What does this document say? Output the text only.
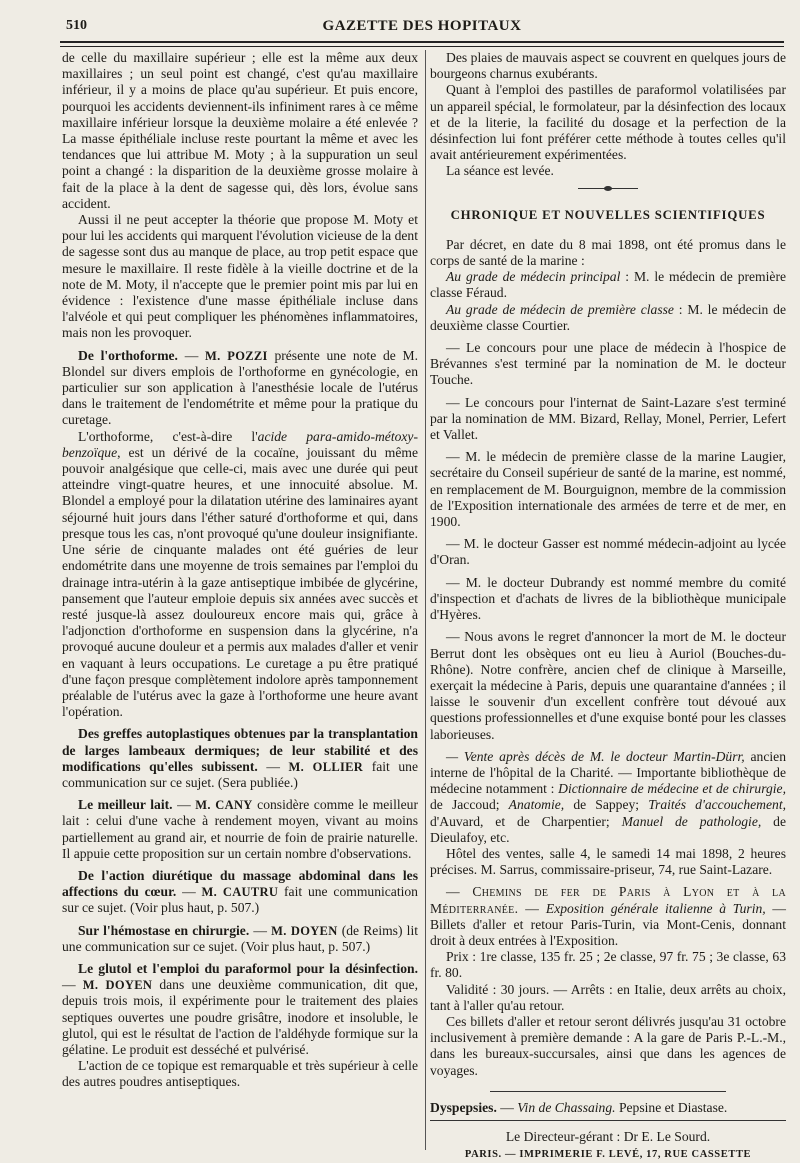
510	GAZETTE DES HOPITAUX

de celle du maxillaire supérieur ; elle est la même aux deux maxillaires ; un seul point est changé, c'est qu'au maxillaire inférieur, il y a moins de place qu'au supérieur. Et puis encore, pourquoi les accidents deviennent-ils infiniment rares à ce même maxillaire inférieur lorsque la deuxième molaire a été enlevée ? La masse épithéliale incluse reste pourtant la même et avec les tendances que lui attribue M. Moty ; à la suppuration un seul point a changé : la disparition de la deuxième grosse molaire à fait de la place à la dent de sagesse qui, dès lors, évolue sans accident.

Aussi il ne peut accepter la théorie que propose M. Moty et pour lui les accidents qui marquent l'évolution vicieuse de la dent de sagesse sont dus au manque de place, au trop petit espace que mesure le maxillaire. Il reste fidèle à la vieille doctrine et de la note de M. Moty, il n'accepte que le premier point mis par lui en évidence : l'existence d'une masse épithéliale incluse dans l'alvéole et qui peut compliquer les phénomènes inflammatoires, mais non les provoquer.

De l'orthoforme. — M. POZZI présente une note de M. Blondel sur divers emplois de l'orthoforme en gynécologie, en particulier sur son application à l'anesthésie locale de l'utérus dans le traitement de l'endométrite et même pour la pratique du curetage.

L'orthoforme, c'est-à-dire l'acide para-amido-métoxy-benzoïque, est un dérivé de la cocaïne, jouissant du même pouvoir analgésique que celle-ci, mais avec une durée qui peut atteindre vingt-quatre heures, et une innocuité absolue. M. Blondel a employé pour la dilatation utérine des laminaires ayant séjourné huit jours dans l'éther saturé d'orthoforme et qui, dans presque tous les cas, n'ont provoqué qu'une douleur insignifiante. Une série de cinquante malades ont été guéries de leur endométrite dans une moyenne de trois semaines par l'emploi du drainage intra-utérin à la gaze antiseptique imbibée de glycérine, pansement que l'auteur emploie depuis six années avec succès et resté jusque-là assez douloureux encore mais qui, grâce à l'adjonction d'orthoforme en suspension dans la glycérine, n'a provoqué aucune douleur et a permis aux malades d'aller et venir en vaquant à leurs occupations. Le curetage a pu être pratiqué d'une façon presque complètement indolore après tamponnement préalable de l'utérus avec la gaze à l'orthoforme une heure avant l'opération.

Des greffes autoplastiques obtenues par la transplantation de larges lambeaux dermiques; de leur stabilité et des modifications qu'elles subissent. — M. OLLIER fait une communication sur ce sujet. (Sera publiée.)

Le meilleur lait. — M. CANY considère comme le meilleur lait : celui d'une vache à rendement moyen, vivant au moins partiellement au grand air, et nourrie de foin de prairie naturelle. Il appuie cette proposition sur un certain nombre d'observations.

De l'action diurétique du massage abdominal dans les affections du cœur. — M. CAUTRU fait une communication sur ce sujet. (Voir plus haut, p. 507.)

Sur l'hémostase en chirurgie. — M. DOYEN (de Reims) lit une communication sur ce sujet. (Voir plus haut, p. 507.)

Le glutol et l'emploi du paraformol pour la désinfection. — M. DOYEN dans une deuxième communication, dit que, depuis trois mois, il expérimente pour le traitement des plaies septiques ouvertes une poudre grisâtre, inodore et insoluble, le glutol, qui est le résultat de l'action de l'aldéhyde formique sur la gélatine. Le produit est desséché et pulvérisé.

L'action de ce topique est remarquable et très supérieur à celle des autres poudres antiseptiques.

Des plaies de mauvais aspect se couvrent en quelques jours de bourgeons charnus exubérants.

Quant à l'emploi des pastilles de paraformol volatilisées par un appareil spécial, le formolateur, par la désinfection des locaux et de la literie, la facilité du dosage et la perfection de la désinfection lui font préférer cette méthode à toutes celles qu'il avait antérieurement expérimentées.

La séance est levée.

CHRONIQUE ET NOUVELLES SCIENTIFIQUES

Par décret, en date du 8 mai 1898, ont été promus dans le corps de santé de la marine :

Au grade de médecin principal : M. le médecin de première classe Féraud.

Au grade de médecin de première classe : M. le médecin de deuxième classe Courtier.

— Le concours pour une place de médecin à l'hospice de Brévannes s'est terminé par la nomination de M. le docteur Touche.

— Le concours pour l'internat de Saint-Lazare s'est terminé par la nomination de MM. Bizard, Rellay, Monel, Perrier, Lefert et Vallet.

— M. le médecin de première classe de la marine Laugier, secrétaire du Conseil supérieur de santé de la marine, est nommé, en remplacement de M. Bourguignon, membre de la commission de l'Exposition internationale des armées de terre et de mer, en 1900.

— M. le docteur Gasser est nommé médecin-adjoint au lycée d'Oran.

— M. le docteur Dubrandy est nommé membre du comité d'inspection et d'achats de livres de la bibliothèque municipale d'Hyères.

— Nous avons le regret d'annoncer la mort de M. le docteur Berrut dont les obsèques ont eu lieu à Auriol (Bouches-du-Rhône). Notre confrère, ancien chef de clinique à Marseille, exerçait la médecine à Paris, depuis une quarantaine d'années ; il laisse le souvenir d'un excellent confrère tout dévoué aux questions professionnelles et d'une exquise bonté pour les classes laborieuses.

— Vente après décès de M. le docteur Martin-Dürr, ancien interne de l'hôpital de la Charité. — Importante bibliothèque de médecine notamment : Dictionnaire de médecine et de chirurgie, de Jaccoud; Anatomie, de Sappey; Traités d'accouchement, d'Auvard, et de Charpentier; Manuel de pathologie, de Dieulafoy, etc.

Hôtel des ventes, salle 4, le samedi 14 mai 1898, 2 heures précises. M. Sarrus, commissaire-priseur, 74, rue Saint-Lazare.

— Chemins de fer de Paris à Lyon et à la Méditerranée. — Exposition générale italienne à Turin, — Billets d'aller et retour Paris-Turin, via Mont-Cenis, donnant droit à deux entrées à l'Exposition.

Prix : 1re classe, 135 fr. 25 ; 2e classe, 97 fr. 75 ; 3e classe, 63 fr. 80.

Validité : 30 jours. — Arrêts : en Italie, deux arrêts au choix, tant à l'aller qu'au retour.

Ces billets d'aller et retour seront délivrés jusqu'au 31 octobre inclusivement à première demande : A la gare de Paris P.-L.-M., dans les bureaux-succursales, ainsi que dans les agences de voyages.

Dyspepsies. — Vin de Chassaing. Pepsine et Diastase.

Le Directeur-gérant : Dr E. Le Sourd.
PARIS. — IMPRIMERIE F. LEVÉ, 17, RUE CASSETTE
